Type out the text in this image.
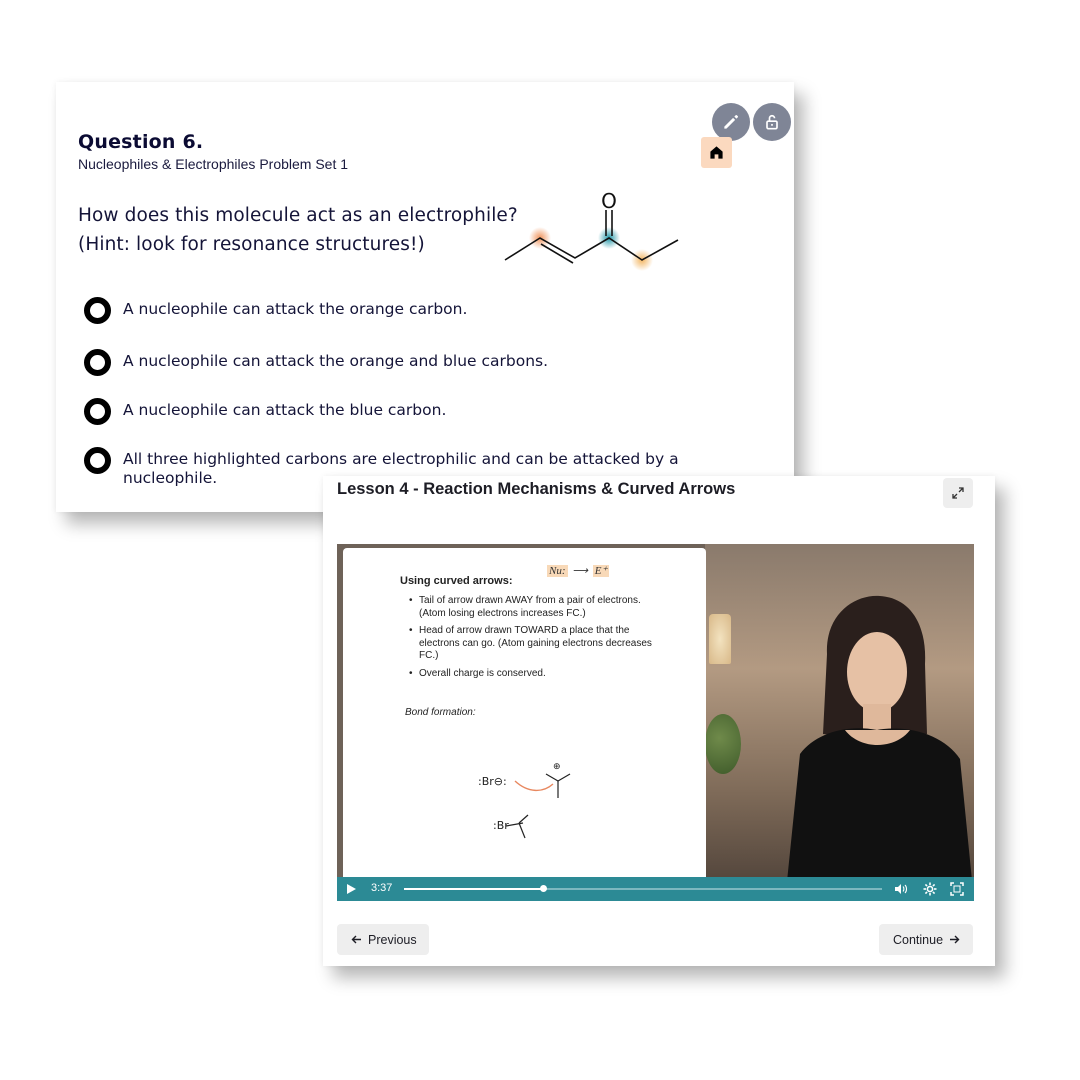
Question 6.
Nucleophiles & Electrophiles Problem Set 1
How does this molecule act as an electrophile?
(Hint: look for resonance structures!)
O
A nucleophile can attack the orange carbon.
A nucleophile can attack the orange and blue carbons.
A nucleophile can attack the blue carbon.
All three highlighted carbons are electrophilic and can be attacked by a nucleophile.
Lesson 4 - Reaction Mechanisms & Curved Arrows
Using curved arrows:
Nu: ⟶ E⁺
• Tail of arrow drawn AWAY from a pair of electrons. (Atom losing electrons increases FC.)
• Head of arrow drawn TOWARD a place that the electrons can go. (Atom gaining electrons decreases FC.)
• Overall charge is conserved.
Bond formation:
:Br⊖:
⊕
:Br
3:37
Previous	Continue
